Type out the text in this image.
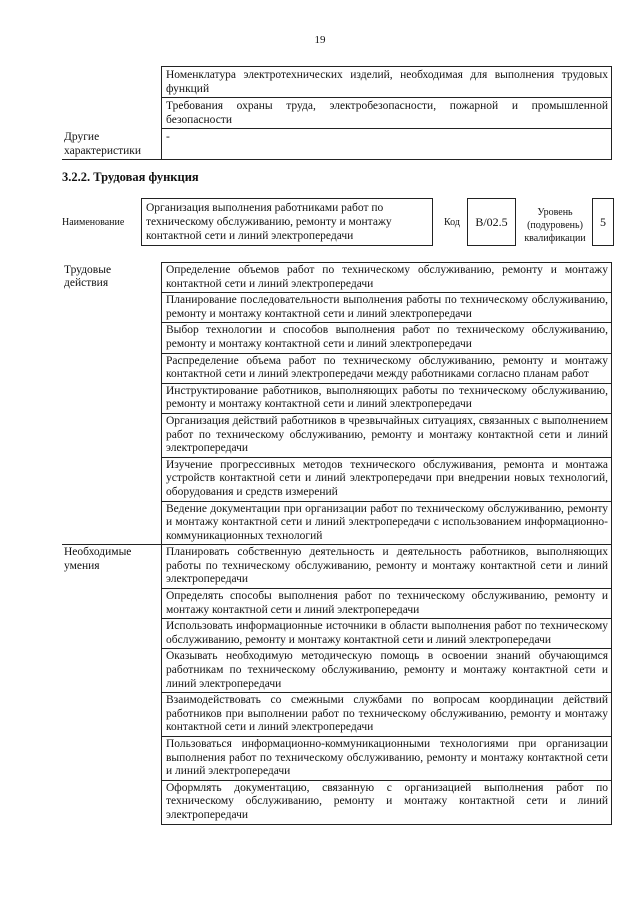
19
	Номенклатура электротехнических изделий, необходимая для выполнения трудовых функций
	Требования охраны труда, электробезопасности, пожарной и промышленной безопасности
Другие характеристики	-
3.2.2. Трудовая функция
Наименование
Организация выполнения работниками работ по техническому обслуживанию, ремонту и монтажу контактной сети и линий электропередачи
Код	B/02.5
Уровень (подуровень) квалификации
5
Трудовые действия	Определение объемов работ по техническому обслуживанию, ремонту и монтажу контактной сети и линий электропередачи
	Планирование последовательности выполнения работы по техническому обслуживанию, ремонту и монтажу контактной сети и линий электропередачи
	Выбор технологии и способов выполнения работ по техническому обслуживанию, ремонту и монтажу контактной сети и линий электропередачи
	Распределение объема работ по техническому обслуживанию, ремонту и монтажу контактной сети и линий электропередачи между работниками согласно планам работ
	Инструктирование работников, выполняющих работы по техническому обслуживанию, ремонту и монтажу контактной сети и линий электропередачи
	Организация действий работников в чрезвычайных ситуациях, связанных с выполнением работ по техническому обслуживанию, ремонту и монтажу контактной сети и линий электропередачи
	Изучение прогрессивных методов технического обслуживания, ремонта и монтажа устройств контактной сети и линий электропередачи при внедрении новых технологий, оборудования и средств измерений
	Ведение документации при организации работ по техническому обслуживанию, ремонту и монтажу контактной сети и линий электропередачи с использованием информационно-коммуникационных технологий
Необходимые умения	Планировать собственную деятельность и деятельность работников, выполняющих работы по техническому обслуживанию, ремонту и монтажу контактной сети и линий электропередачи
	Определять способы выполнения работ по техническому обслуживанию, ремонту и монтажу контактной сети и линий электропередачи
	Использовать информационные источники в области выполнения работ по техническому обслуживанию, ремонту и монтажу контактной сети и линий электропередачи
	Оказывать необходимую методическую помощь в освоении знаний обучающимся работникам по техническому обслуживанию, ремонту и монтажу контактной сети и линий электропередачи
	Взаимодействовать со смежными службами по вопросам координации действий работников при выполнении работ по техническому обслуживанию, ремонту и монтажу контактной сети и линий электропередачи
	Пользоваться информационно-коммуникационными технологиями при организации выполнения работ по техническому обслуживанию, ремонту и монтажу контактной сети и линий электропередачи
	Оформлять документацию, связанную с организацией выполнения работ по техническому обслуживанию, ремонту и монтажу контактной сети и линий электропередачи
